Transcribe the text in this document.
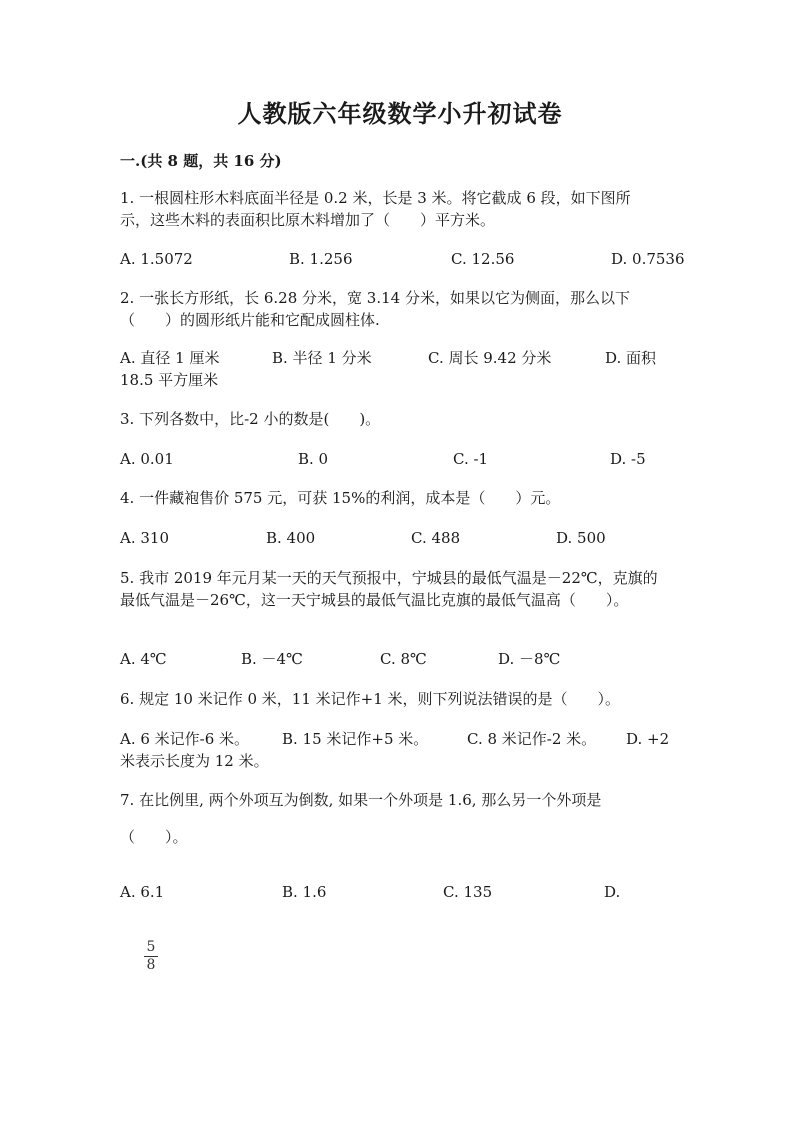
人教版六年级数学小升初试卷
一.(共 8 题，共 16 分)
1. 一根圆柱形木料底面半径是 0.2 米，长是 3 米。将它截成 6 段，如下图所
示，这些木料的表面积比原木料增加了（　　）平方米。
A. 1.5072	B. 1.256	C. 12.56	D. 0.7536
2. 一张长方形纸，长 6.28 分米，宽 3.14 分米，如果以它为侧面，那么以下
（　　）的圆形纸片能和它配成圆柱体.
A. 直径 1 厘米	B. 半径 1 分米	C. 周长 9.42 分米	D. 面积
18.5 平方厘米
3. 下列各数中，比-2 小的数是(　　)。
A. 0.01	B. 0	C. -1	D. -5
4. 一件藏袍售价 575 元，可获 15%的利润，成本是（　　）元。
A. 310	B. 400	C. 488	D. 500
5. 我市 2019 年元月某一天的天气预报中，宁城县的最低气温是－22℃，克旗的
最低气温是－26℃，这一天宁城县的最低气温比克旗的最低气温高（　　）。
A. 4℃	B. －4℃	C. 8℃	D. －8℃
6. 规定 10 米记作 0 米，11 米记作+1 米，则下列说法错误的是（　　）。
A. 6 米记作-6 米。 B. 15 米记作+5 米。	C. 8 米记作-2 米。 D. +2
米表示长度为 12 米。
7. 在比例里, 两个外项互为倒数, 如果一个外项是 1.6, 那么另一个外项是
（　　）。
A. 6.1	B. 1.6	C. 135	D.
5
8
